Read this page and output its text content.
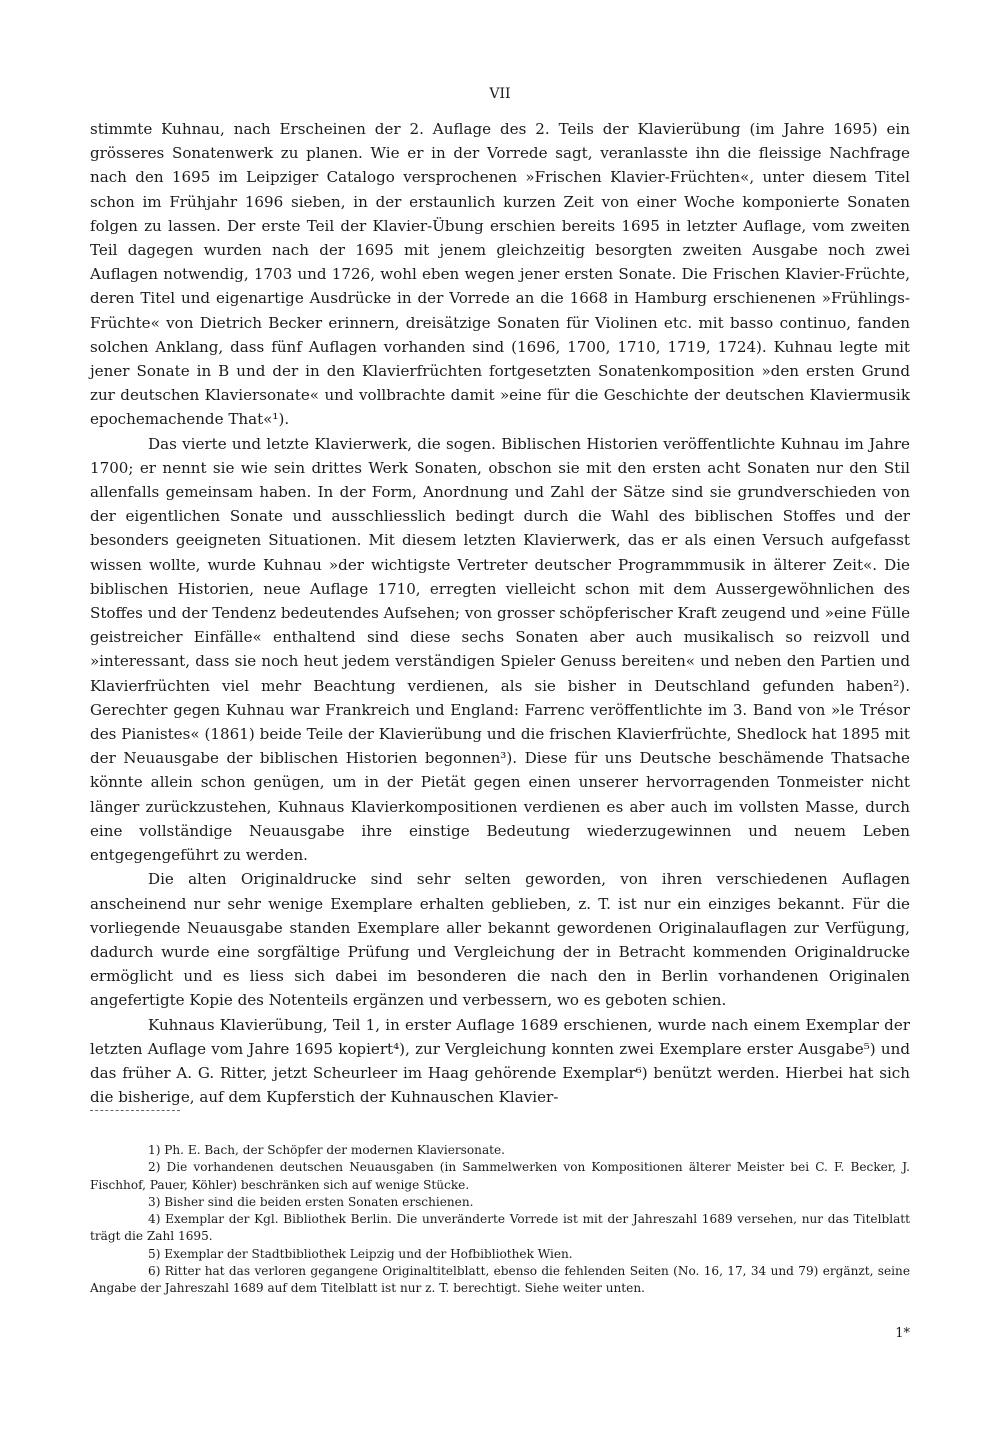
VII

stimmte Kuhnau, nach Erscheinen der 2. Auflage des 2. Teils der Klavierübung (im Jahre 1695) ein grösseres Sonatenwerk zu planen. Wie er in der Vorrede sagt, veranlasste ihn die fleissige Nachfrage nach den 1695 im Leipziger Catalogo versprochenen »Frischen Klavier-Früchten«, unter diesem Titel schon im Frühjahr 1696 sieben, in der erstaunlich kurzen Zeit von einer Woche komponierte Sonaten folgen zu lassen. Der erste Teil der Klavier-Übung erschien bereits 1695 in letzter Auflage, vom zweiten Teil dagegen wurden nach der 1695 mit jenem gleichzeitig besorgten zweiten Ausgabe noch zwei Auflagen notwendig, 1703 und 1726, wohl eben wegen jener ersten Sonate. Die Frischen Klavier-Früchte, deren Titel und eigenartige Ausdrücke in der Vorrede an die 1668 in Hamburg erschienenen »Frühlings-Früchte« von Dietrich Becker erinnern, dreisätzige Sonaten für Violinen etc. mit basso continuo, fanden solchen Anklang, dass fünf Auflagen vorhanden sind (1696, 1700, 1710, 1719, 1724). Kuhnau legte mit jener Sonate in B und der in den Klavierfrüchten fortgesetzten Sonatenkomposition »den ersten Grund zur deutschen Klaviersonate« und vollbrachte damit »eine für die Geschichte der deutschen Klaviermusik epochemachende That«¹).

Das vierte und letzte Klavierwerk, die sogen. Biblischen Historien veröffentlichte Kuhnau im Jahre 1700; er nennt sie wie sein drittes Werk Sonaten, obschon sie mit den ersten acht Sonaten nur den Stil allenfalls gemeinsam haben. In der Form, Anordnung und Zahl der Sätze sind sie grundverschieden von der eigentlichen Sonate und ausschliesslich bedingt durch die Wahl des biblischen Stoffes und der besonders geeigneten Situationen. Mit diesem letzten Klavierwerk, das er als einen Versuch aufgefasst wissen wollte, wurde Kuhnau »der wichtigste Vertreter deutscher Programmmusik in älterer Zeit«. Die biblischen Historien, neue Auflage 1710, erregten vielleicht schon mit dem Aussergewöhnlichen des Stoffes und der Tendenz bedeutendes Aufsehen; von grosser schöpferischer Kraft zeugend und »eine Fülle geistreicher Einfälle« enthaltend sind diese sechs Sonaten aber auch musikalisch so reizvoll und »interessant, dass sie noch heut jedem verständigen Spieler Genuss bereiten« und neben den Partien und Klavierfrüchten viel mehr Beachtung verdienen, als sie bisher in Deutschland gefunden haben²). Gerechter gegen Kuhnau war Frankreich und England: Farrenc veröffentlichte im 3. Band von »le Trésor des Pianistes« (1861) beide Teile der Klavierübung und die frischen Klavierfrüchte, Shedlock hat 1895 mit der Neuausgabe der biblischen Historien begonnen³). Diese für uns Deutsche beschämende Thatsache könnte allein schon genügen, um in der Pietät gegen einen unserer hervorragenden Tonmeister nicht länger zurückzustehen, Kuhnaus Klavierkompositionen verdienen es aber auch im vollsten Masse, durch eine vollständige Neuausgabe ihre einstige Bedeutung wiederzugewinnen und neuem Leben entgegengeführt zu werden.

Die alten Originaldrucke sind sehr selten geworden, von ihren verschiedenen Auflagen anscheinend nur sehr wenige Exemplare erhalten geblieben, z. T. ist nur ein einziges bekannt. Für die vorliegende Neuausgabe standen Exemplare aller bekannt gewordenen Originalauflagen zur Verfügung, dadurch wurde eine sorgfältige Prüfung und Vergleichung der in Betracht kommenden Originaldrucke ermöglicht und es liess sich dabei im besonderen die nach den in Berlin vorhandenen Originalen angefertigte Kopie des Notenteils ergänzen und verbessern, wo es geboten schien.

Kuhnaus Klavierübung, Teil 1, in erster Auflage 1689 erschienen, wurde nach einem Exemplar der letzten Auflage vom Jahre 1695 kopiert⁴), zur Vergleichung konnten zwei Exemplare erster Ausgabe⁵) und das früher A. G. Ritter, jetzt Scheurleer im Haag gehörende Exemplar⁶) benützt werden. Hierbei hat sich die bisherige, auf dem Kupferstich der Kuhnauschen Klavier-

1) Ph. E. Bach, der Schöpfer der modernen Klaviersonate.

2) Die vorhandenen deutschen Neuausgaben (in Sammelwerken von Kompositionen älterer Meister bei C. F. Becker, J. Fischhof, Pauer, Köhler) beschränken sich auf wenige Stücke.

3) Bisher sind die beiden ersten Sonaten erschienen.

4) Exemplar der Kgl. Bibliothek Berlin. Die unveränderte Vorrede ist mit der Jahreszahl 1689 versehen, nur das Titelblatt trägt die Zahl 1695.

5) Exemplar der Stadtbibliothek Leipzig und der Hofbibliothek Wien.

6) Ritter hat das verloren gegangene Originaltitelblatt, ebenso die fehlenden Seiten (No. 16, 17, 34 und 79) ergänzt, seine Angabe der Jahreszahl 1689 auf dem Titelblatt ist nur z. T. berechtigt. Siehe weiter unten.

1*
